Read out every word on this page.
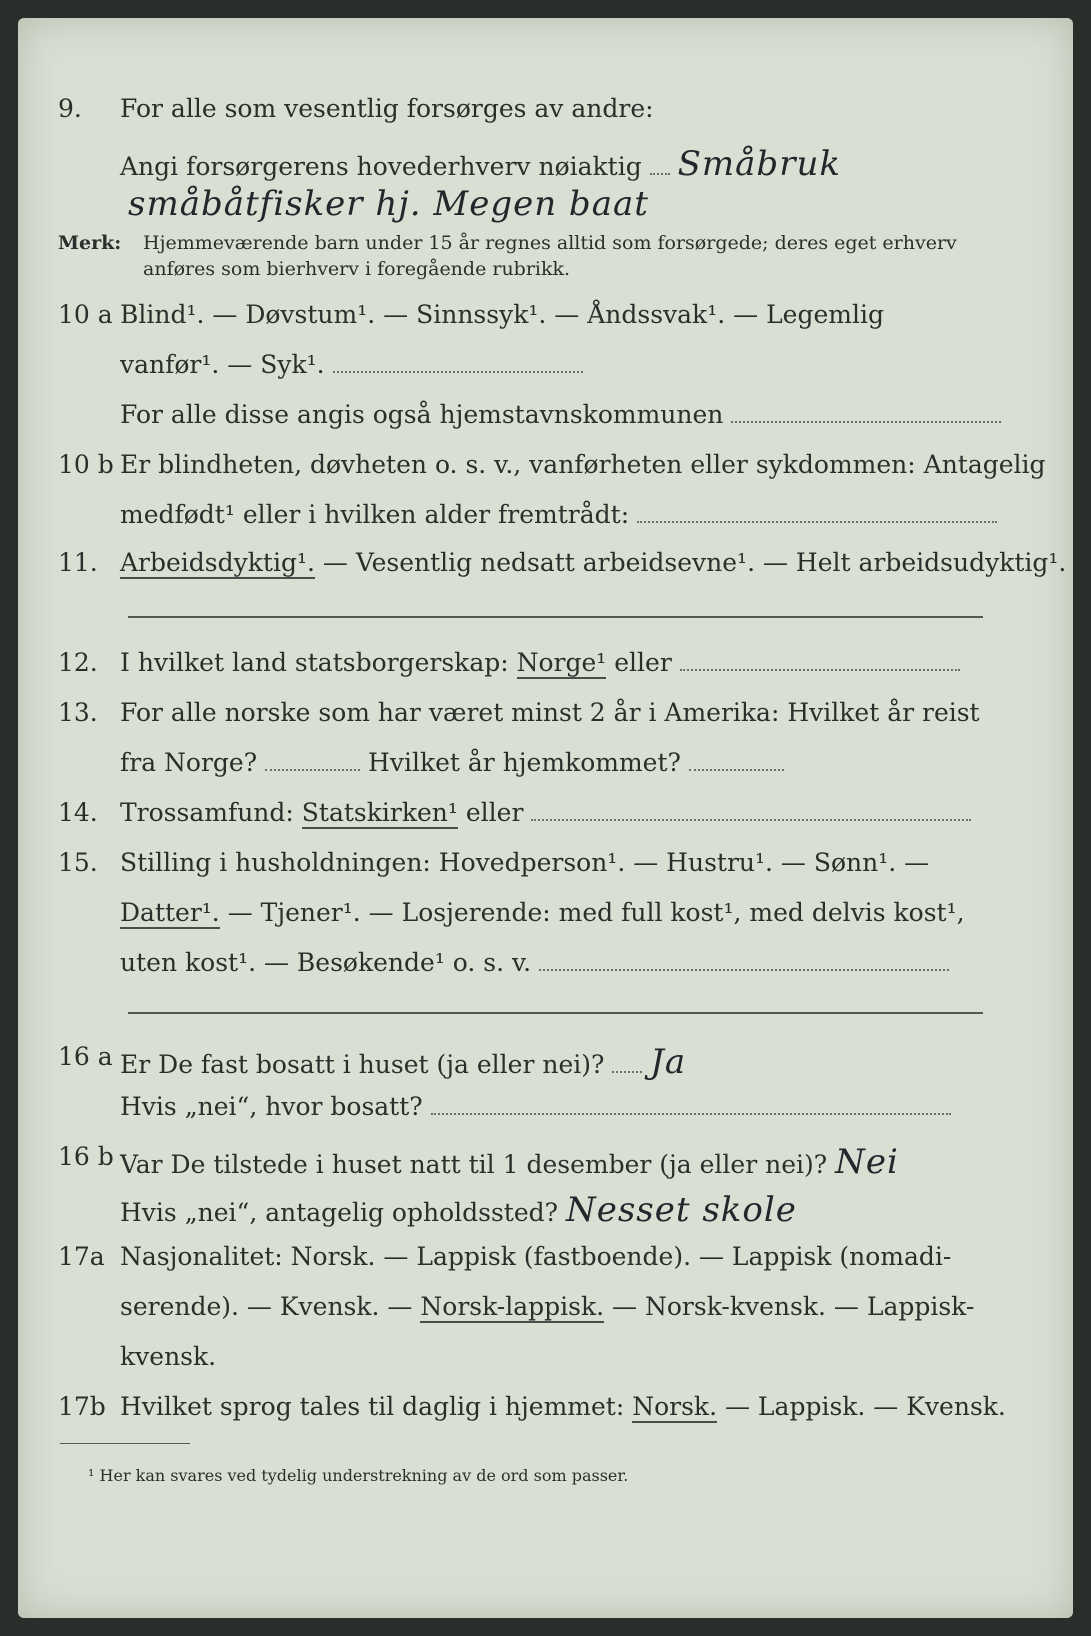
9. For alle som vesentlig forsørges av andre:
Angi forsørgerens hovederhverv nøiaktig Småbruk
småbåtfisker hj. Megen baat
Merk: Hjemmeværende barn under 15 år regnes alltid som forsørgede; deres eget erhverv
anføres som bierhverv i foregående rubrikk.
10 a Blind¹. — Døvstum¹. — Sinnssyk¹. — Åndssvak¹. — Legemlig
vanfør¹. — Syk¹.
For alle disse angis også hjemstavnskommunen
10 b Er blindheten, døvheten o. s. v., vanførheten eller sykdommen: Antagelig
medfødt¹ eller i hvilken alder fremtrådt:
11. Arbeidsdyktig¹. — Vesentlig nedsatt arbeidsevne¹. — Helt arbeidsudyktig¹.
12. I hvilket land statsborgerskap: Norge¹ eller
13. For alle norske som har været minst 2 år i Amerika: Hvilket år reist
fra Norge?	Hvilket år hjemkommet?
14. Trossamfund: Statskirken¹ eller
15. Stilling i husholdningen: Hovedperson¹. — Hustru¹. — Sønn¹. —
Datter¹. — Tjener¹. — Losjerende: med full kost¹, med delvis kost¹,
uten kost¹. — Besøkende¹ o. s. v.
16 a Er De fast bosatt i huset (ja eller nei)? Ja
Hvis „nei“, hvor bosatt?
16 b Var De tilstede i huset natt til 1 desember (ja eller nei)? Nei
Hvis „nei“, antagelig opholdssted? Nesset skole
17a Nasjonalitet: Norsk. — Lappisk (fastboende). — Lappisk (nomadi-
serende). — Kvensk. — Norsk-lappisk. — Norsk-kvensk. — Lappisk-
kvensk.
17b Hvilket sprog tales til daglig i hjemmet: Norsk. — Lappisk. — Kvensk.
¹ Her kan svares ved tydelig understrekning av de ord som passer.
